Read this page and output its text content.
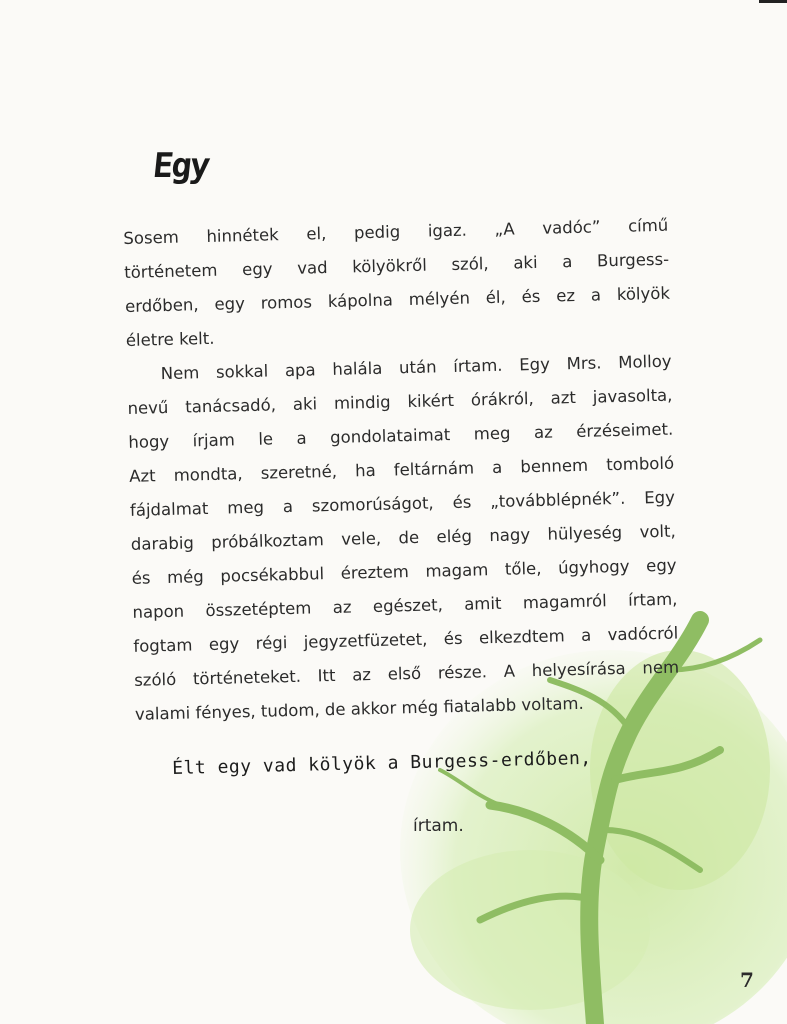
Egy
Sosem hinnétek el, pedig igaz. „A vadóc” című
történetem egy vad kölyökről szól, aki a Burgess-
erdőben, egy romos kápolna mélyén él, és ez a kölyök
életre kelt.
Nem sokkal apa halála után írtam. Egy Mrs. Molloy
nevű tanácsadó, aki mindig kikért órákról, azt javasolta,
hogy írjam le a gondolataimat meg az érzéseimet.
Azt mondta, szeretné, ha feltárnám a bennem tomboló
fájdalmat meg a szomorúságot, és „továbblépnék”. Egy
darabig próbálkoztam vele, de elég nagy hülyeség volt,
és még pocsékabbul éreztem magam tőle, úgyhogy egy
napon összetéptem az egészet, amit magamról írtam,
fogtam egy régi jegyzetfüzetet, és elkezdtem a vadócról
szóló történeteket. Itt az első része. A helyesírása nem
valami fényes, tudom, de akkor még fiatalabb voltam.
Élt egy vad kölyök a Burgess-erdőben,
írtam.
7
